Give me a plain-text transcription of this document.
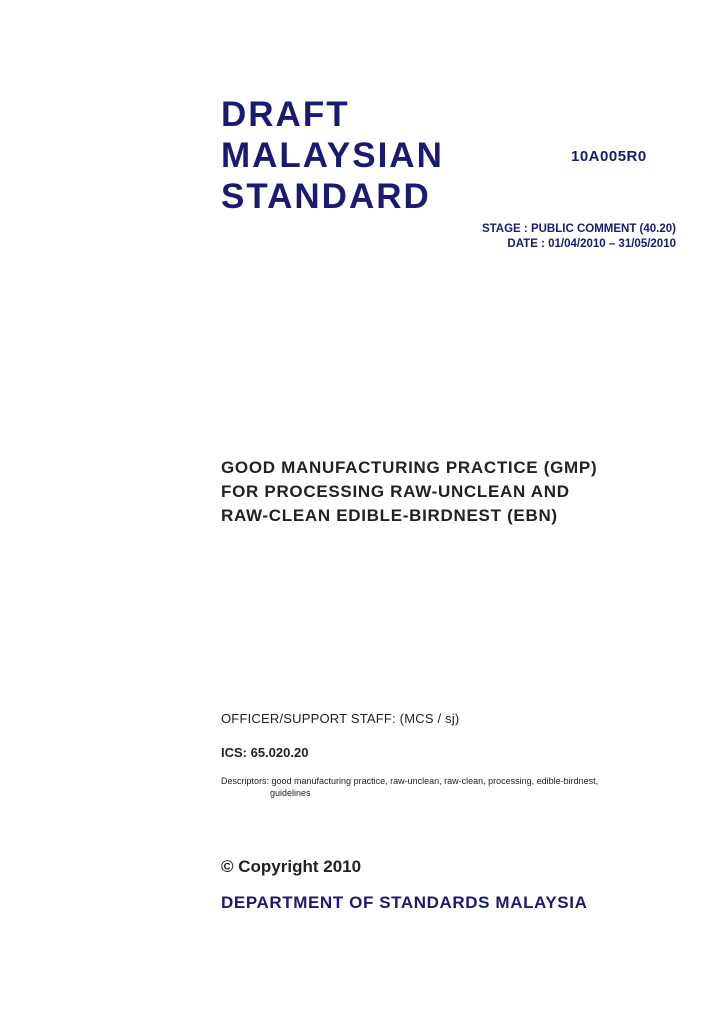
DRAFT
MALAYSIAN
STANDARD
10A005R0
STAGE : PUBLIC COMMENT (40.20)
DATE : 01/04/2010 – 31/05/2010
GOOD MANUFACTURING PRACTICE (GMP)
FOR PROCESSING RAW-UNCLEAN AND
RAW-CLEAN EDIBLE-BIRDNEST (EBN)
OFFICER/SUPPORT STAFF: (MCS / sj)
ICS: 65.020.20
Descriptors: good manufacturing practice, raw-unclean, raw-clean, processing, edible-birdnest,
guidelines
© Copyright 2010
DEPARTMENT OF STANDARDS MALAYSIA
